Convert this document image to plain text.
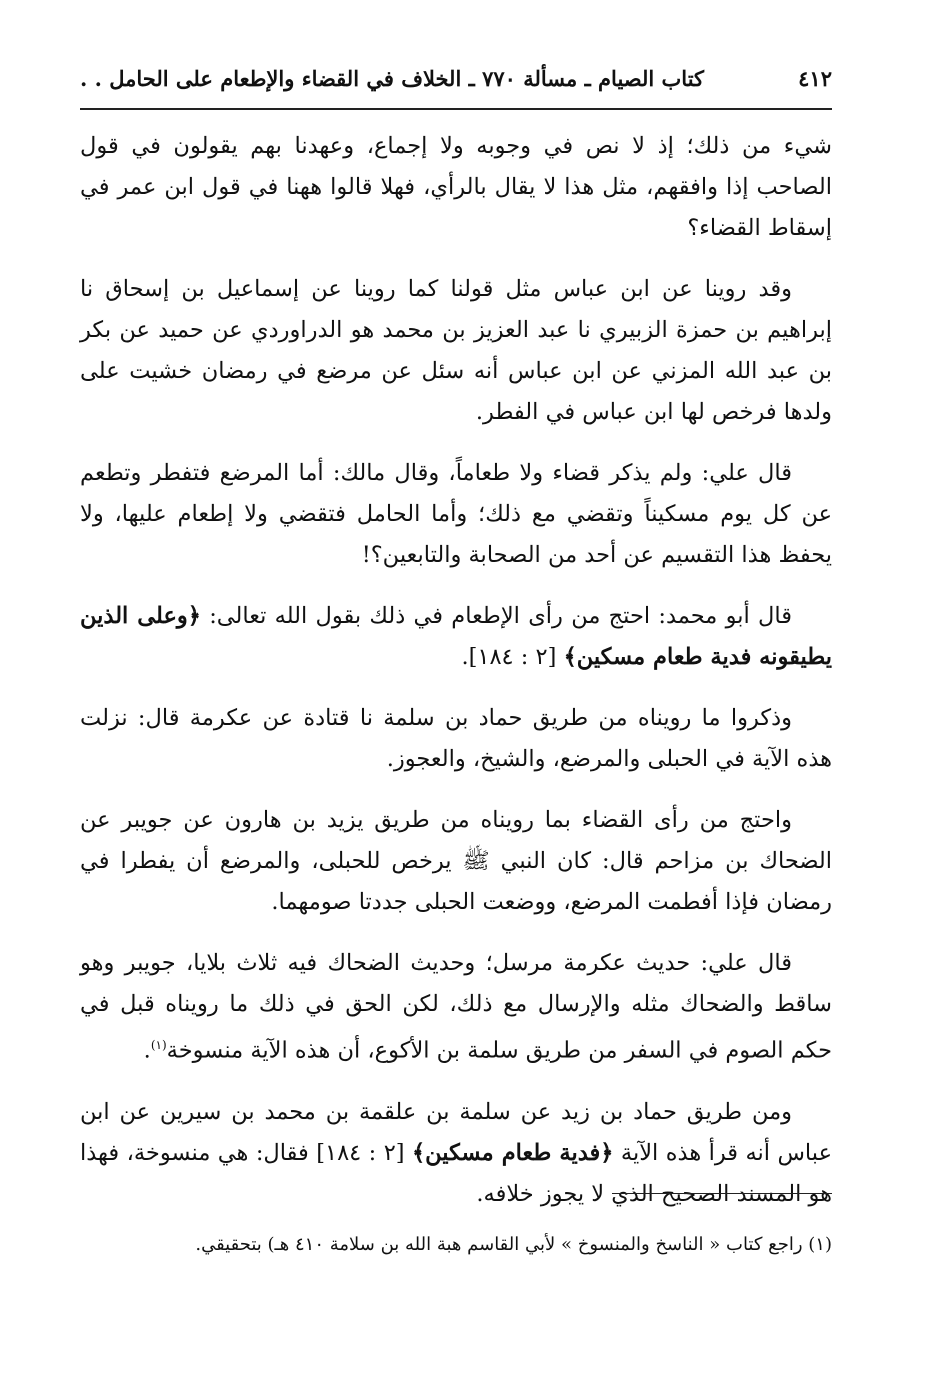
٤١٢
كتاب الصيام ـ مسألة ٧٧٠ ـ الخلاف في القضاء والإطعام على الحامل . .

شيء من ذلك؛ إذ لا نص في وجوبه ولا إجماع، وعهدنا بهم يقولون في قول الصاحب إذا وافقهم، مثل هذا لا يقال بالرأي، فهلا قالوا ههنا في قول ابن عمر في إسقاط القضاء؟

وقد روينا عن ابن عباس مثل قولنا كما روينا عن إسماعيل بن إسحاق نا إبراهيم بن حمزة الزبيري نا عبد العزيز بن محمد هو الدراوردي عن حميد عن بكر بن عبد الله المزني عن ابن عباس أنه سئل عن مرضع في رمضان خشيت على ولدها فرخص لها ابن عباس في الفطر.

قال علي: ولم يذكر قضاء ولا طعاماً، وقال مالك: أما المرضع فتفطر وتطعم عن كل يوم مسكيناً وتقضي مع ذلك؛ وأما الحامل فتقضي ولا إطعام عليها، ولا يحفظ هذا التقسيم عن أحد من الصحابة والتابعين؟!

قال أبو محمد: احتج من رأى الإطعام في ذلك بقول الله تعالى: ﴿وعلى الذين يطيقونه فدية طعام مسكين﴾ [٢ : ١٨٤].

وذكروا ما رويناه من طريق حماد بن سلمة نا قتادة عن عكرمة قال: نزلت هذه الآية في الحبلى والمرضع، والشيخ، والعجوز.

واحتج من رأى القضاء بما رويناه من طريق يزيد بن هارون عن جويبر عن الضحاك بن مزاحم قال: كان النبي ﷺ يرخص للحبلى، والمرضع أن يفطرا في رمضان فإذا أفطمت المرضع، ووضعت الحبلى جددتا صومهما.

قال علي: حديث عكرمة مرسل؛ وحديث الضحاك فيه ثلاث بلايا، جويبر وهو ساقط والضحاك مثله والإرسال مع ذلك، لكن الحق في ذلك ما رويناه قبل في حكم الصوم في السفر من طريق سلمة بن الأكوع، أن هذه الآية منسوخة$^{(١)}$.

ومن طريق حماد بن زيد عن سلمة بن علقمة بن محمد بن سيرين عن ابن عباس أنه قرأ هذه الآية ﴿فدية طعام مسكين﴾ [٢ : ١٨٤] فقال: هي منسوخة، فهذا هو المسند الصحيح الذي لا يجوز خلافه.

(١) راجع كتاب « الناسخ والمنسوخ » لأبي القاسم هبة الله بن سلامة ٤١٠ هـ) بتحقيقي.
